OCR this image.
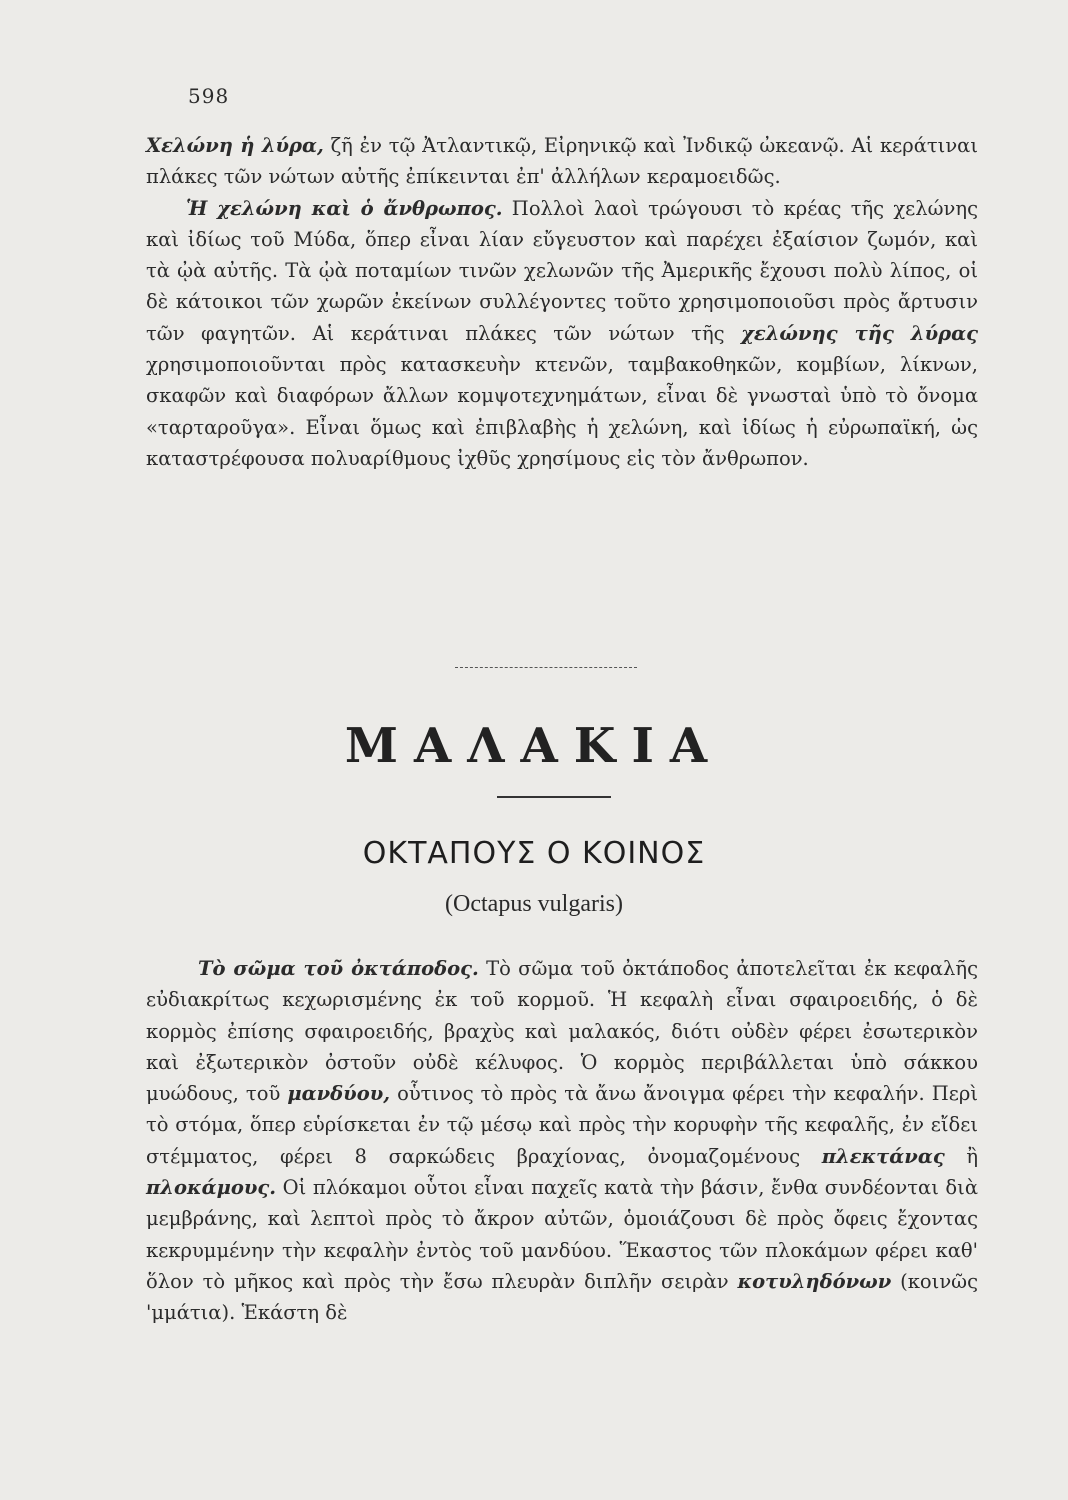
598

Χελώνη ἡ λύρα, ζῆ ἐν τῷ Ἀτλαντικῷ, Εἰρηνικῷ καὶ Ἰνδικῷ ὠκεανῷ. Αἱ κεράτιναι πλάκες τῶν νώτων αὐτῆς ἐπίκεινται ἐπ' ἀλλήλων κεραμοειδῶς.

Ἡ χελώνη καὶ ὁ ἄνθρωπος. Πολλοὶ λαοὶ τρώγουσι τὸ κρέας τῆς χελώνης καὶ ἰδίως τοῦ Μύδα, ὅπερ εἶναι λίαν εὔγευστον καὶ παρέχει ἐξαίσιον ζωμόν, καὶ τὰ ᾠὰ αὐτῆς. Τὰ ᾠὰ ποταμίων τινῶν χελωνῶν τῆς Ἀμερικῆς ἔχουσι πολὺ λίπος, οἱ δὲ κάτοικοι τῶν χωρῶν ἐκείνων συλλέγοντες τοῦτο χρησιμοποιοῦσι πρὸς ἄρτυσιν τῶν φαγητῶν. Αἱ κεράτιναι πλάκες τῶν νώτων τῆς χελώνης τῆς λύρας χρησιμοποιοῦνται πρὸς κατασκευὴν κτενῶν, ταμβακοθηκῶν, κομβίων, λίκνων, σκαφῶν καὶ διαφόρων ἄλλων κομψοτεχνημάτων, εἶναι δὲ γνωσταὶ ὑπὸ τὸ ὄνομα «ταρταροῦγα». Εἶναι ὅμως καὶ ἐπιβλαβὴς ἡ χελώνη, καὶ ἰδίως ἡ εὐρωπαϊκή, ὡς καταστρέφουσα πολυαρίθμους ἰχθῦς χρησίμους εἰς τὸν ἄνθρωπον.

ΜΑΛΑΚΙΑ
ΟΚΤΑΠΟΥΣ Ο ΚΟΙΝΟΣ
(Octapus vulgaris)

Τὸ σῶμα τοῦ ὀκτάποδος. Τὸ σῶμα τοῦ ὀκτάποδος ἀποτελεῖται ἐκ κεφαλῆς εὐδιακρίτως κεχωρισμένης ἐκ τοῦ κορμοῦ. Ἡ κεφαλὴ εἶναι σφαιροειδής, ὁ δὲ κορμὸς ἐπίσης σφαιροειδής, βραχὺς καὶ μαλακός, διότι οὐδὲν φέρει ἐσωτερικὸν καὶ ἐξωτερικὸν ὀστοῦν οὐδὲ κέλυφος. Ὁ κορμὸς περιβάλλεται ὑπὸ σάκκου μυώδους, τοῦ μανδύου, οὗτινος τὸ πρὸς τὰ ἄνω ἄνοιγμα φέρει τὴν κεφαλήν. Περὶ τὸ στόμα, ὅπερ εὑρίσκεται ἐν τῷ μέσῳ καὶ πρὸς τὴν κορυφὴν τῆς κεφαλῆς, ἐν εἴδει στέμματος, φέρει 8 σαρκώδεις βραχίονας, ὀνομαζομένους πλεκτάνας ἢ πλοκάμους. Οἱ πλόκαμοι οὗτοι εἶναι παχεῖς κατὰ τὴν βάσιν, ἔνθα συνδέονται διὰ μεμβράνης, καὶ λεπτοὶ πρὸς τὸ ἄκρον αὐτῶν, ὁμοιάζουσι δὲ πρὸς ὄφεις ἔχοντας κεκρυμμένην τὴν κεφαλὴν ἐντὸς τοῦ μανδύου. Ἕκαστος τῶν πλοκάμων φέρει καθ' ὅλον τὸ μῆκος καὶ πρὸς τὴν ἔσω πλευρὰν διπλῆν σειρὰν κοτυληδόνων (κοινῶς 'μμάτια). Ἑκάστη δὲ
